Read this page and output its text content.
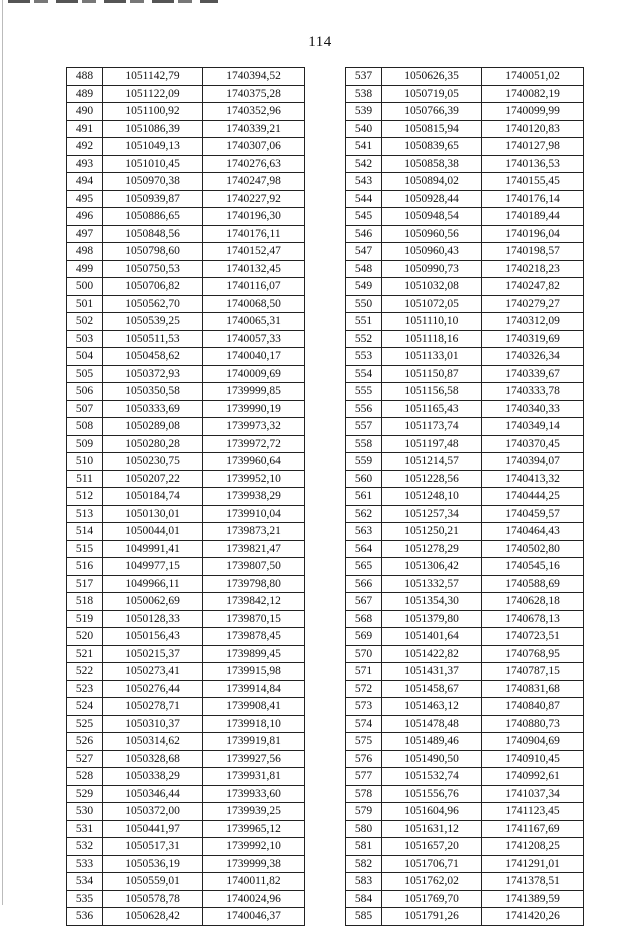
114
488	1051142,79	1740394,52
489	1051122,09	1740375,28
490	1051100,92	1740352,96
491	1051086,39	1740339,21
492	1051049,13	1740307,06
493	1051010,45	1740276,63
494	1050970,38	1740247,98
495	1050939,87	1740227,92
496	1050886,65	1740196,30
497	1050848,56	1740176,11
498	1050798,60	1740152,47
499	1050750,53	1740132,45
500	1050706,82	1740116,07
501	1050562,70	1740068,50
502	1050539,25	1740065,31
503	1050511,53	1740057,33
504	1050458,62	1740040,17
505	1050372,93	1740009,69
506	1050350,58	1739999,85
507	1050333,69	1739990,19
508	1050289,08	1739973,32
509	1050280,28	1739972,72
510	1050230,75	1739960,64
511	1050207,22	1739952,10
512	1050184,74	1739938,29
513	1050130,01	1739910,04
514	1050044,01	1739873,21
515	1049991,41	1739821,47
516	1049977,15	1739807,50
517	1049966,11	1739798,80
518	1050062,69	1739842,12
519	1050128,33	1739870,15
520	1050156,43	1739878,45
521	1050215,37	1739899,45
522	1050273,41	1739915,98
523	1050276,44	1739914,84
524	1050278,71	1739908,41
525	1050310,37	1739918,10
526	1050314,62	1739919,81
527	1050328,68	1739927,56
528	1050338,29	1739931,81
529	1050346,44	1739933,60
530	1050372,00	1739939,25
531	1050441,97	1739965,12
532	1050517,31	1739992,10
533	1050536,19	1739999,38
534	1050559,01	1740011,82
535	1050578,78	1740024,96
536	1050628,42	1740046,37
537	1050626,35	1740051,02
538	1050719,05	1740082,19
539	1050766,39	1740099,99
540	1050815,94	1740120,83
541	1050839,65	1740127,98
542	1050858,38	1740136,53
543	1050894,02	1740155,45
544	1050928,44	1740176,14
545	1050948,54	1740189,44
546	1050960,56	1740196,04
547	1050960,43	1740198,57
548	1050990,73	1740218,23
549	1051032,08	1740247,82
550	1051072,05	1740279,27
551	1051110,10	1740312,09
552	1051118,16	1740319,69
553	1051133,01	1740326,34
554	1051150,87	1740339,67
555	1051156,58	1740333,78
556	1051165,43	1740340,33
557	1051173,74	1740349,14
558	1051197,48	1740370,45
559	1051214,57	1740394,07
560	1051228,56	1740413,32
561	1051248,10	1740444,25
562	1051257,34	1740459,57
563	1051250,21	1740464,43
564	1051278,29	1740502,80
565	1051306,42	1740545,16
566	1051332,57	1740588,69
567	1051354,30	1740628,18
568	1051379,80	1740678,13
569	1051401,64	1740723,51
570	1051422,82	1740768,95
571	1051431,37	1740787,15
572	1051458,67	1740831,68
573	1051463,12	1740840,87
574	1051478,48	1740880,73
575	1051489,46	1740904,69
576	1051490,50	1740910,45
577	1051532,74	1740992,61
578	1051556,76	1741037,34
579	1051604,96	1741123,45
580	1051631,12	1741167,69
581	1051657,20	1741208,25
582	1051706,71	1741291,01
583	1051762,02	1741378,51
584	1051769,70	1741389,59
585	1051791,26	1741420,26
